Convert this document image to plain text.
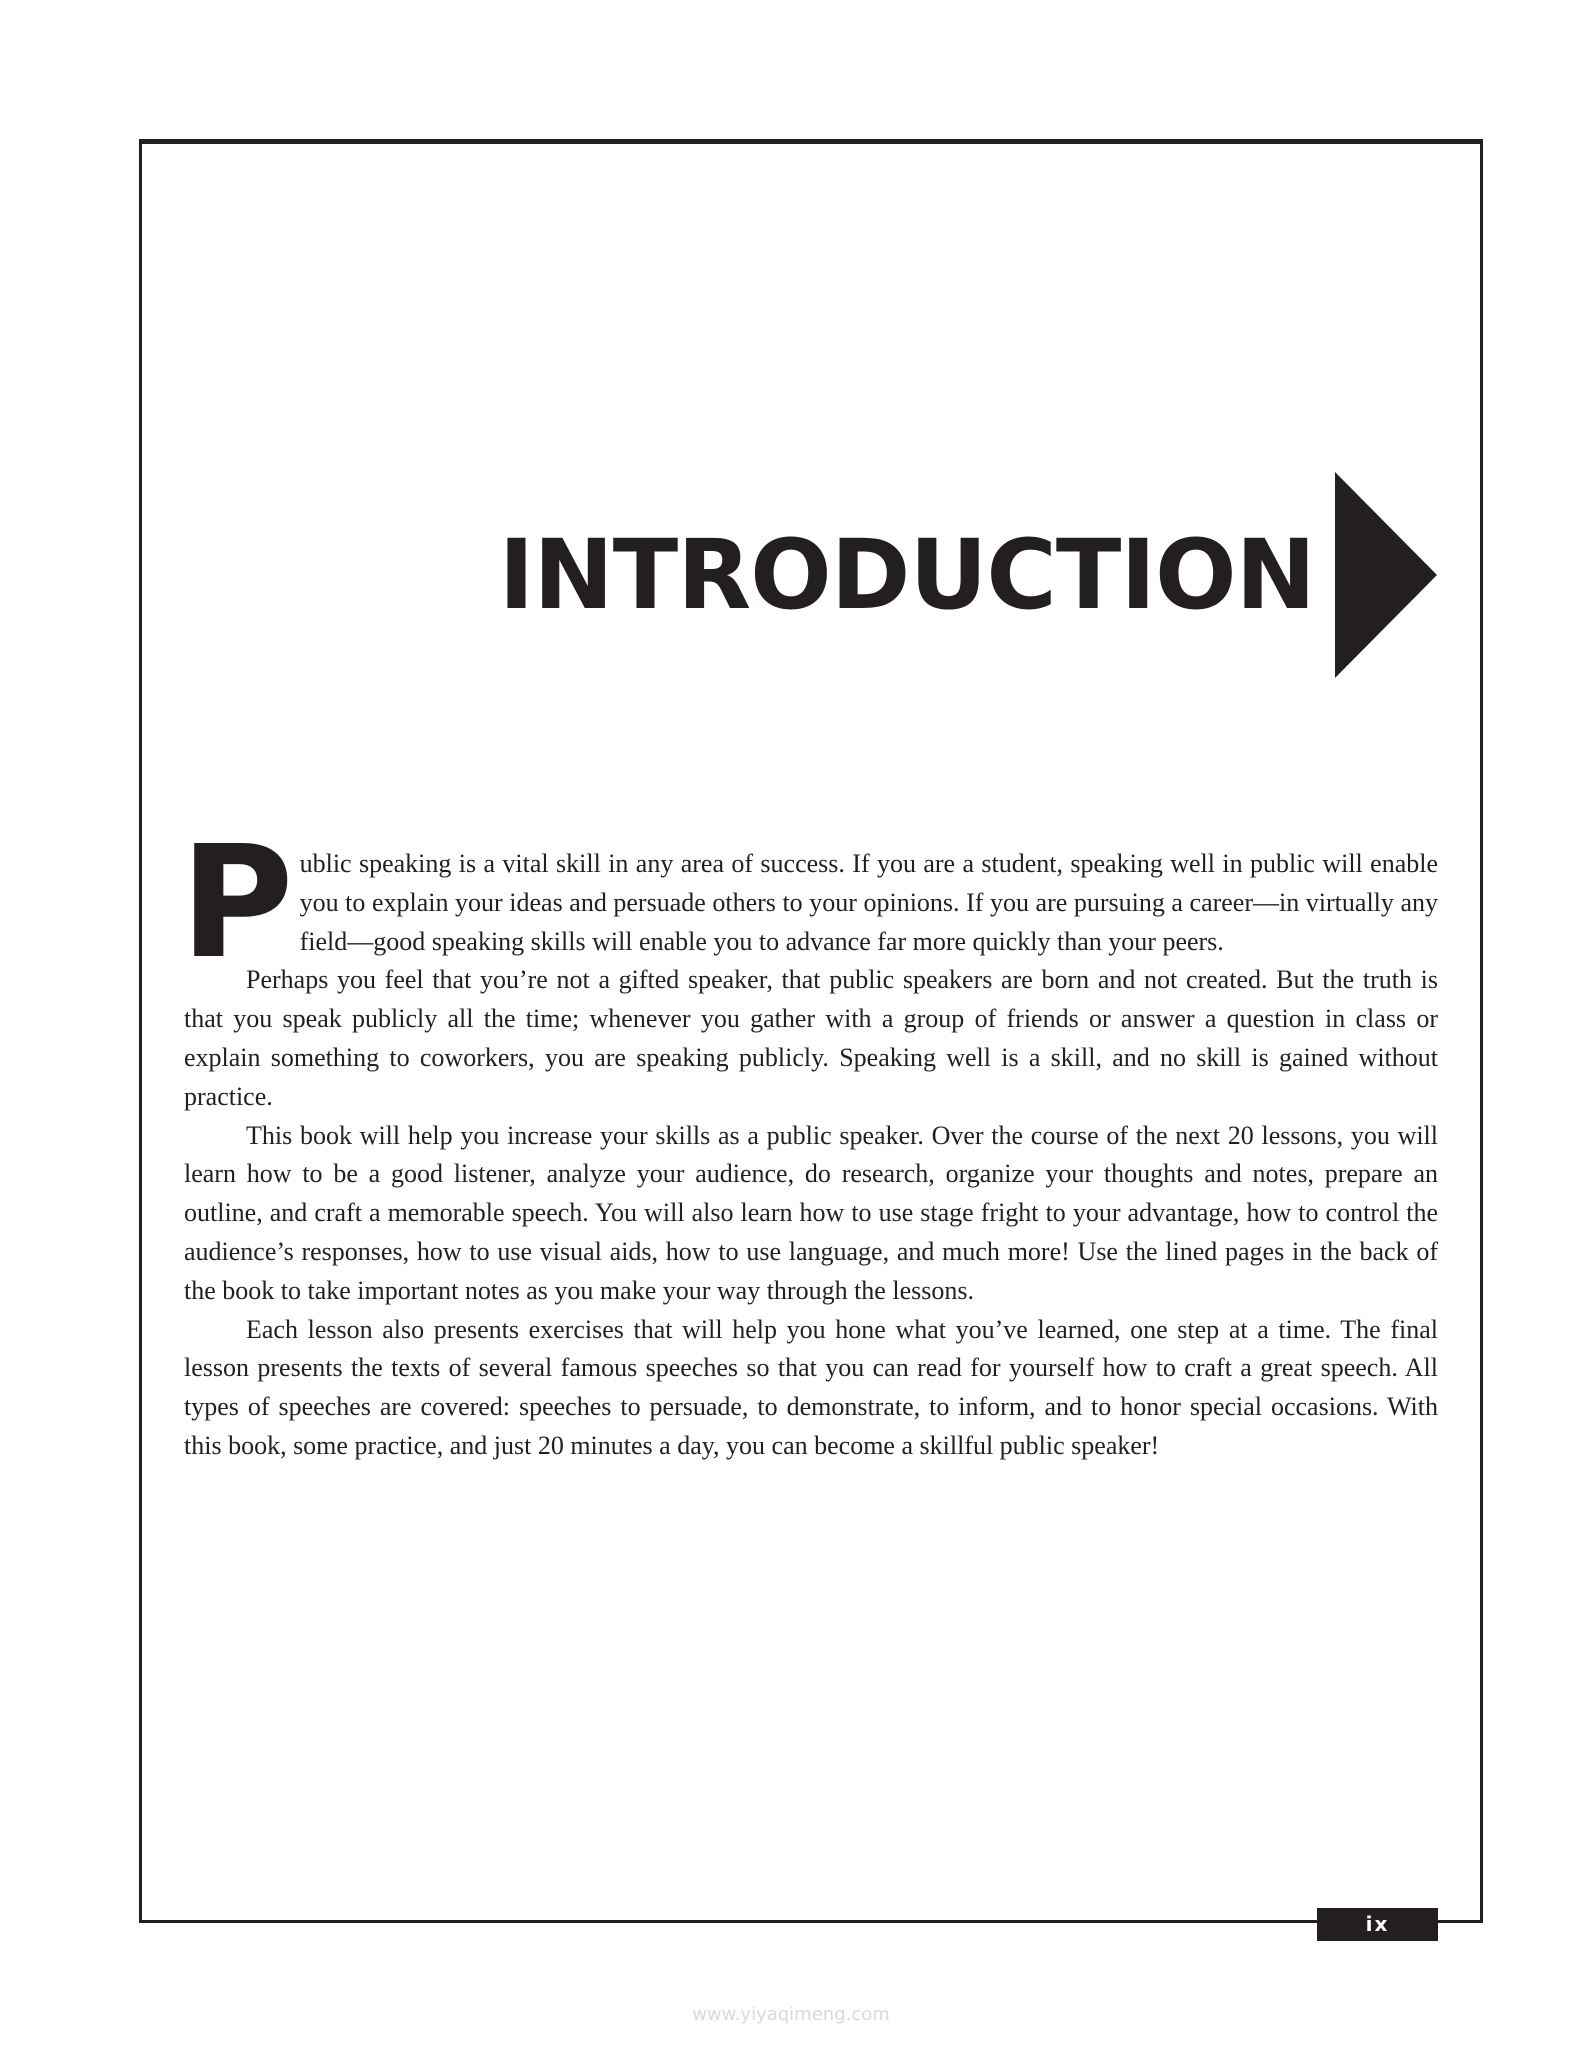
INTRODUCTION

Public speaking is a vital skill in any area of success. If you are a student, speaking well in public will enable you to explain your ideas and persuade others to your opinions. If you are pursuing a career—in virtually any field—good speaking skills will enable you to advance far more quickly than your peers.

Perhaps you feel that you’re not a gifted speaker, that public speakers are born and not created. But the truth is that you speak publicly all the time; whenever you gather with a group of friends or answer a question in class or explain something to coworkers, you are speaking publicly. Speaking well is a skill, and no skill is gained without practice.

This book will help you increase your skills as a public speaker. Over the course of the next 20 lessons, you will learn how to be a good listener, analyze your audience, do research, organize your thoughts and notes, prepare an outline, and craft a memorable speech. You will also learn how to use stage fright to your advantage, how to control the audience’s responses, how to use visual aids, how to use language, and much more! Use the lined pages in the back of the book to take important notes as you make your way through the lessons.

Each lesson also presents exercises that will help you hone what you’ve learned, one step at a time. The final lesson presents the texts of several famous speeches so that you can read for yourself how to craft a great speech. All types of speeches are covered: speeches to persuade, to demonstrate, to inform, and to honor special occasions. With this book, some practice, and just 20 minutes a day, you can become a skillful public speaker!

ix
www.yiyaqimeng.com
